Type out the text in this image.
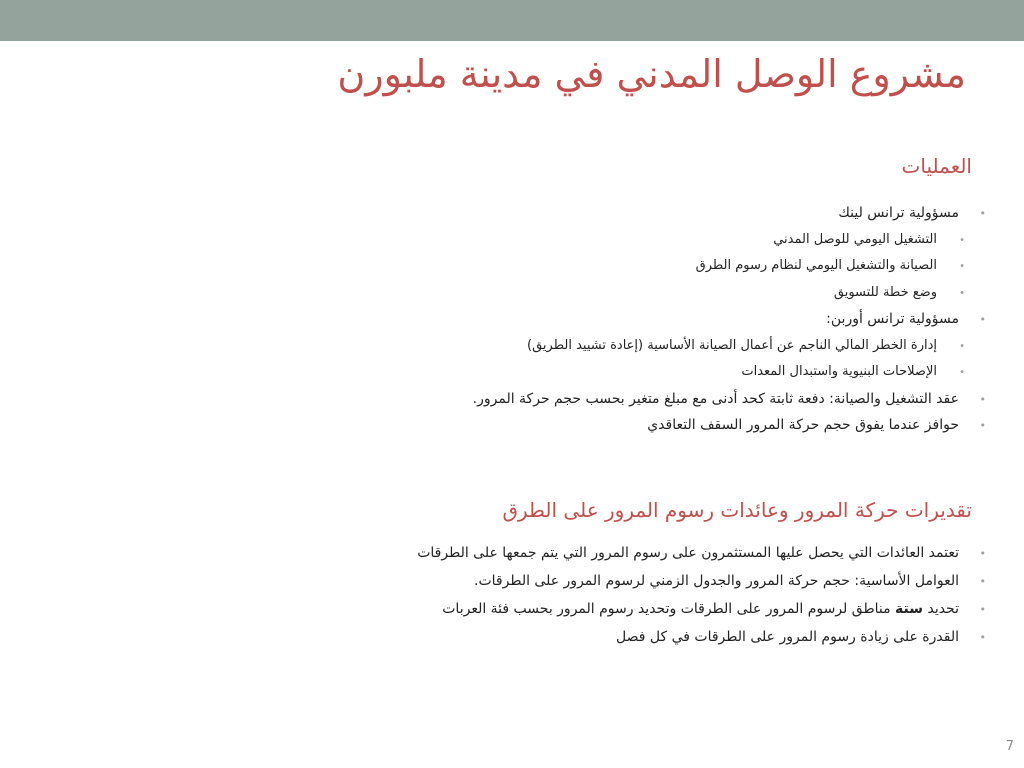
مشروع الوصل المدني في مدينة ملبورن
العمليات
• مسؤولية ترانس لينك
• التشغيل اليومي للوصل المدني
• الصيانة والتشغيل اليومي لنظام رسوم الطرق
• وضع خطة للتسويق
• مسؤولية ترانس أوربن:
• إدارة الخطر المالي الناجم عن أعمال الصيانة الأساسية (إعادة تشييد الطريق)
• الإصلاحات البنيوية واستبدال المعدات
• عقد التشغيل والصيانة: دفعة ثابتة كحد أدنى مع مبلغ متغير بحسب حجم حركة المرور.
• حوافز عندما يفوق حجم حركة المرور السقف التعاقدي
تقديرات حركة المرور وعائدات رسوم المرور على الطرق
• تعتمد العائدات التي يحصل عليها المستثمرون على رسوم المرور التي يتم جمعها على الطرقات
• العوامل الأساسية: حجم حركة المرور والجدول الزمني لرسوم المرور على الطرقات.
• تحديد ستة مناطق لرسوم المرور على الطرقات وتحديد رسوم المرور بحسب فئة العربات
• القدرة على زيادة رسوم المرور على الطرقات في كل فصل
7
